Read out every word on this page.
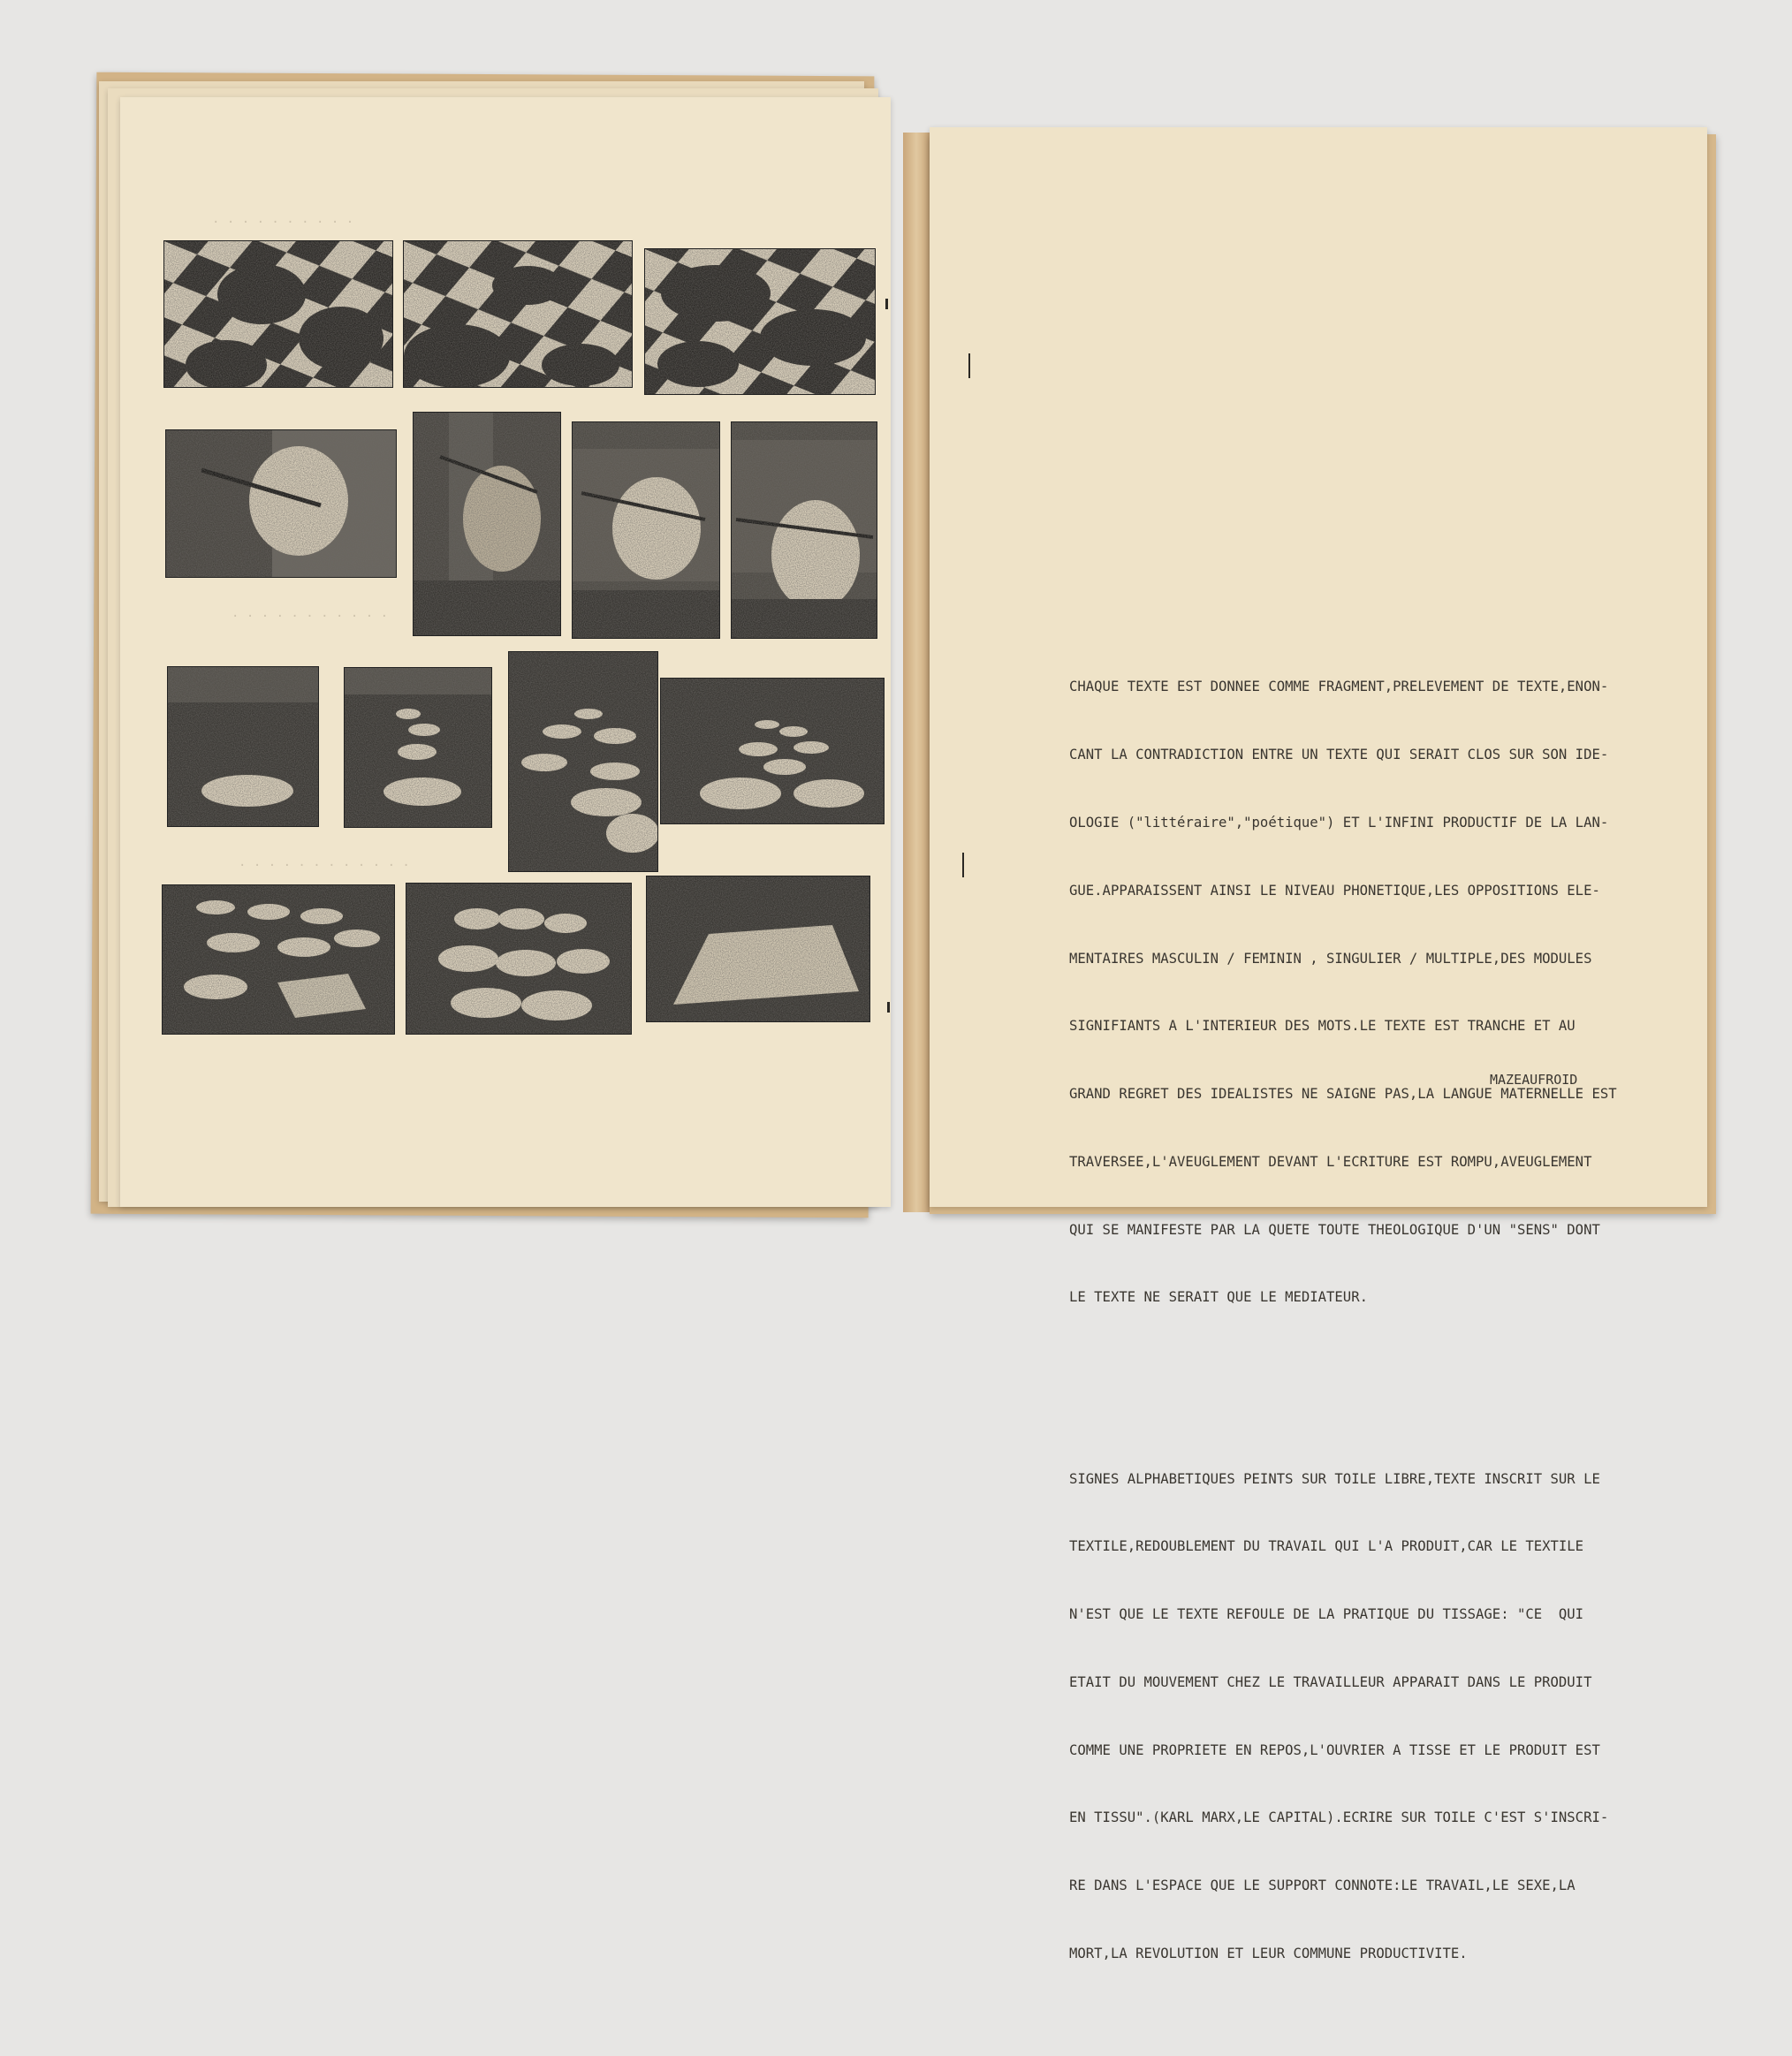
· · · · · · · · · ·
· · · · · · · · · · ·
· · · · · · · · · · · ·

CHAQUE TEXTE EST DONNEE COMME FRAGMENT,PRELEVEMENT DE TEXTE,ENON-

CANT LA CONTRADICTION ENTRE UN TEXTE QUI SERAIT CLOS SUR SON IDE-

OLOGIE ("littéraire","poétique") ET L'INFINI PRODUCTIF DE LA LAN-

GUE.APPARAISSENT AINSI LE NIVEAU PHONETIQUE,LES OPPOSITIONS ELE-

MENTAIRES MASCULIN / FEMININ , SINGULIER / MULTIPLE,DES MODULES

SIGNIFIANTS A L'INTERIEUR DES MOTS.LE TEXTE EST TRANCHE ET AU

GRAND REGRET DES IDEALISTES NE SAIGNE PAS,LA LANGUE MATERNELLE EST

TRAVERSEE,L'AVEUGLEMENT DEVANT L'ECRITURE EST ROMPU,AVEUGLEMENT

QUI SE MANIFESTE PAR LA QUETE TOUTE THEOLOGIQUE D'UN "SENS" DONT

LE TEXTE NE SERAIT QUE LE MEDIATEUR.

SIGNES ALPHABETIQUES PEINTS SUR TOILE LIBRE,TEXTE INSCRIT SUR LE

TEXTILE,REDOUBLEMENT DU TRAVAIL QUI L'A PRODUIT,CAR LE TEXTILE

N'EST QUE LE TEXTE REFOULE DE LA PRATIQUE DU TISSAGE: "CE  QUI

ETAIT DU MOUVEMENT CHEZ LE TRAVAILLEUR APPARAIT DANS LE PRODUIT

COMME UNE PROPRIETE EN REPOS,L'OUVRIER A TISSE ET LE PRODUIT EST

EN TISSU".(KARL MARX,LE CAPITAL).ECRIRE SUR TOILE C'EST S'INSCRI-

RE DANS L'ESPACE QUE LE SUPPORT CONNOTE:LE TRAVAIL,LE SEXE,LA

MORT,LA REVOLUTION ET LEUR COMMUNE PRODUCTIVITE.

MAZEAUFROID
